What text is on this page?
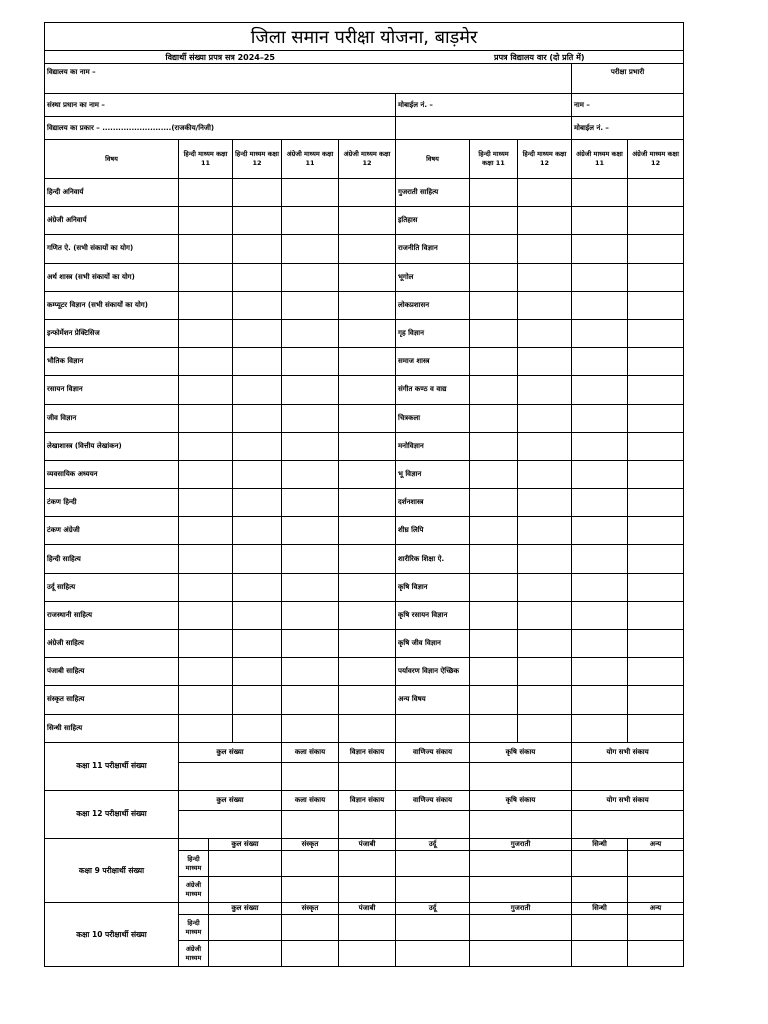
जिला समान परीक्षा योजना, बाड़मेर									
विद्यार्थी संख्या प्रपत्र सत्र 2024–25					प्रपत्र विद्यालय वार (दो प्रति में)				
विद्यालय का नाम –								परीक्षा प्रभारी	
संस्था प्रधान का नाम –					मोबाईल नं. –			नाम –	
विद्यालय का प्रकार – ..........................(राजकीय/निजी)								मोबाईल नं. –	
विषय	हिन्दी माध्यम कक्षा 11	हिन्दी माध्यम कक्षा 12	अंग्रेजी माध्यम कक्षा 11	अंग्रेजी माध्यम कक्षा 12	विषय	हिन्दी माध्यम कक्षा 11	हिन्दी माध्यम कक्षा 12	अंग्रेजी माध्यम कक्षा 11	अंग्रेजी माध्यम कक्षा 12
हिन्दी अनिवार्य					गुजराती साहित्य				
अंग्रेजी अनिवार्य					इतिहास				
गणित ऐ. (सभी संकायों का योग)					राजनीति विज्ञान				
अर्थ शास्त्र (सभी संकायों का योग)					भूगोल				
कम्प्यूटर विज्ञान (सभी संकायों का योग)					लोकप्रशासन				
इन्फोर्मेशन प्रेक्टिसिज					गृह विज्ञान				
भौतिक विज्ञान					समाज शास्त्र				
रसायन विज्ञान					संगीत कण्ठ व वाद्य				
जीव विज्ञान					चित्रकला				
लेखाशास्त्र (वित्तीय लेखांकन)					मनोविज्ञान				
व्यवसायिक अध्ययन					भू विज्ञान				
टंकण हिन्दी					दर्शनशास्त्र				
टंकण अंग्रेजी					शीघ्र लिपि				
हिन्दी साहित्य					शारीरिक शिक्षा ऐ.				
उर्दू साहित्य					कृषि विज्ञान				
राजस्थानी साहित्य					कृषि रसायन विज्ञान				
अंग्रेजी साहित्य					कृषि जीव विज्ञान				
पंजाबी साहित्य					पर्यावरण विज्ञान ऐच्छिक				
संस्कृत साहित्य					अन्य विषय				
सिन्धी साहित्य									
कक्षा 11 परीक्षार्थी संख्या	कुल संख्या		कला संकाय	विज्ञान संकाय	वाणिज्य संकाय	कृषि संकाय		योग सभी संकाय	

कक्षा 12 परीक्षार्थी संख्या	कुल संख्या		कला संकाय	विज्ञान संकाय	वाणिज्य संकाय	कृषि संकाय		योग सभी संकाय	

कक्षा 9 परीक्षार्थी संख्या		कुल संख्या	संस्कृत	पंजाबी	उर्दू	गुजराती	सिन्धी	अन्य
	हिन्दी माध्यम							
	अंग्रेजी माध्यम							
कक्षा 10 परीक्षार्थी संख्या		कुल संख्या	संस्कृत	पंजाबी	उर्दू	गुजराती	सिन्धी	अन्य
	हिन्दी माध्यम							
	अंग्रेजी माध्यम							
